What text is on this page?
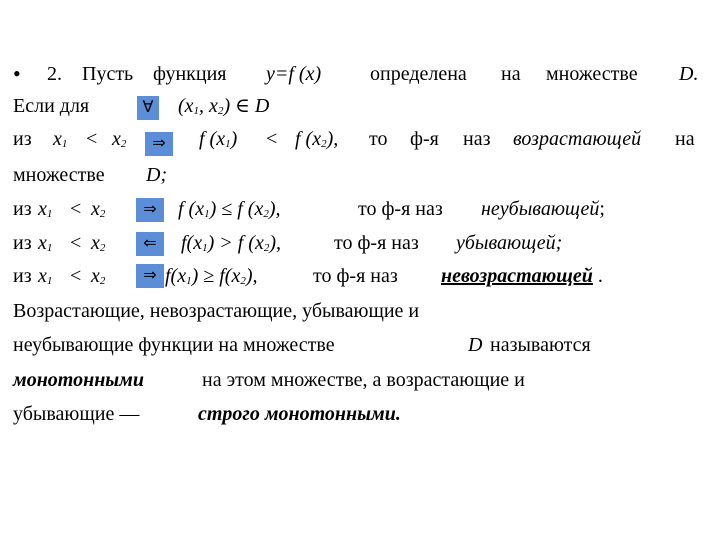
• 2. Пусть функция y=f (x) определена на множестве D.
Если для	∀ ($x_1$, $x_2$) ∈ D
из $x_1 < x_2$	f $(x_1) < f$ $(x_2)$, то ф-я наз возрастающей на
⇒
множестве D;
из $x_1 < x_2$	f $(x_1) \le f$ $(x_2)$,	то ф-я наз неубывающей;
⇒
из $x_1 < x_2$	$f(x_1) > f$ $(x_2)$,	то ф-я наз убывающей;
⇐
из $x_1 < x_2$	$f(x_1) \ge f(x_2)$,	то ф-я наз невозрастающей .
⇒
Возрастающие, невозрастающие, убывающие и
неубывающие функции на множестве	D называются
монотонными	на этом множестве, а возрастающие и
убывающие —	строго монотонными.
